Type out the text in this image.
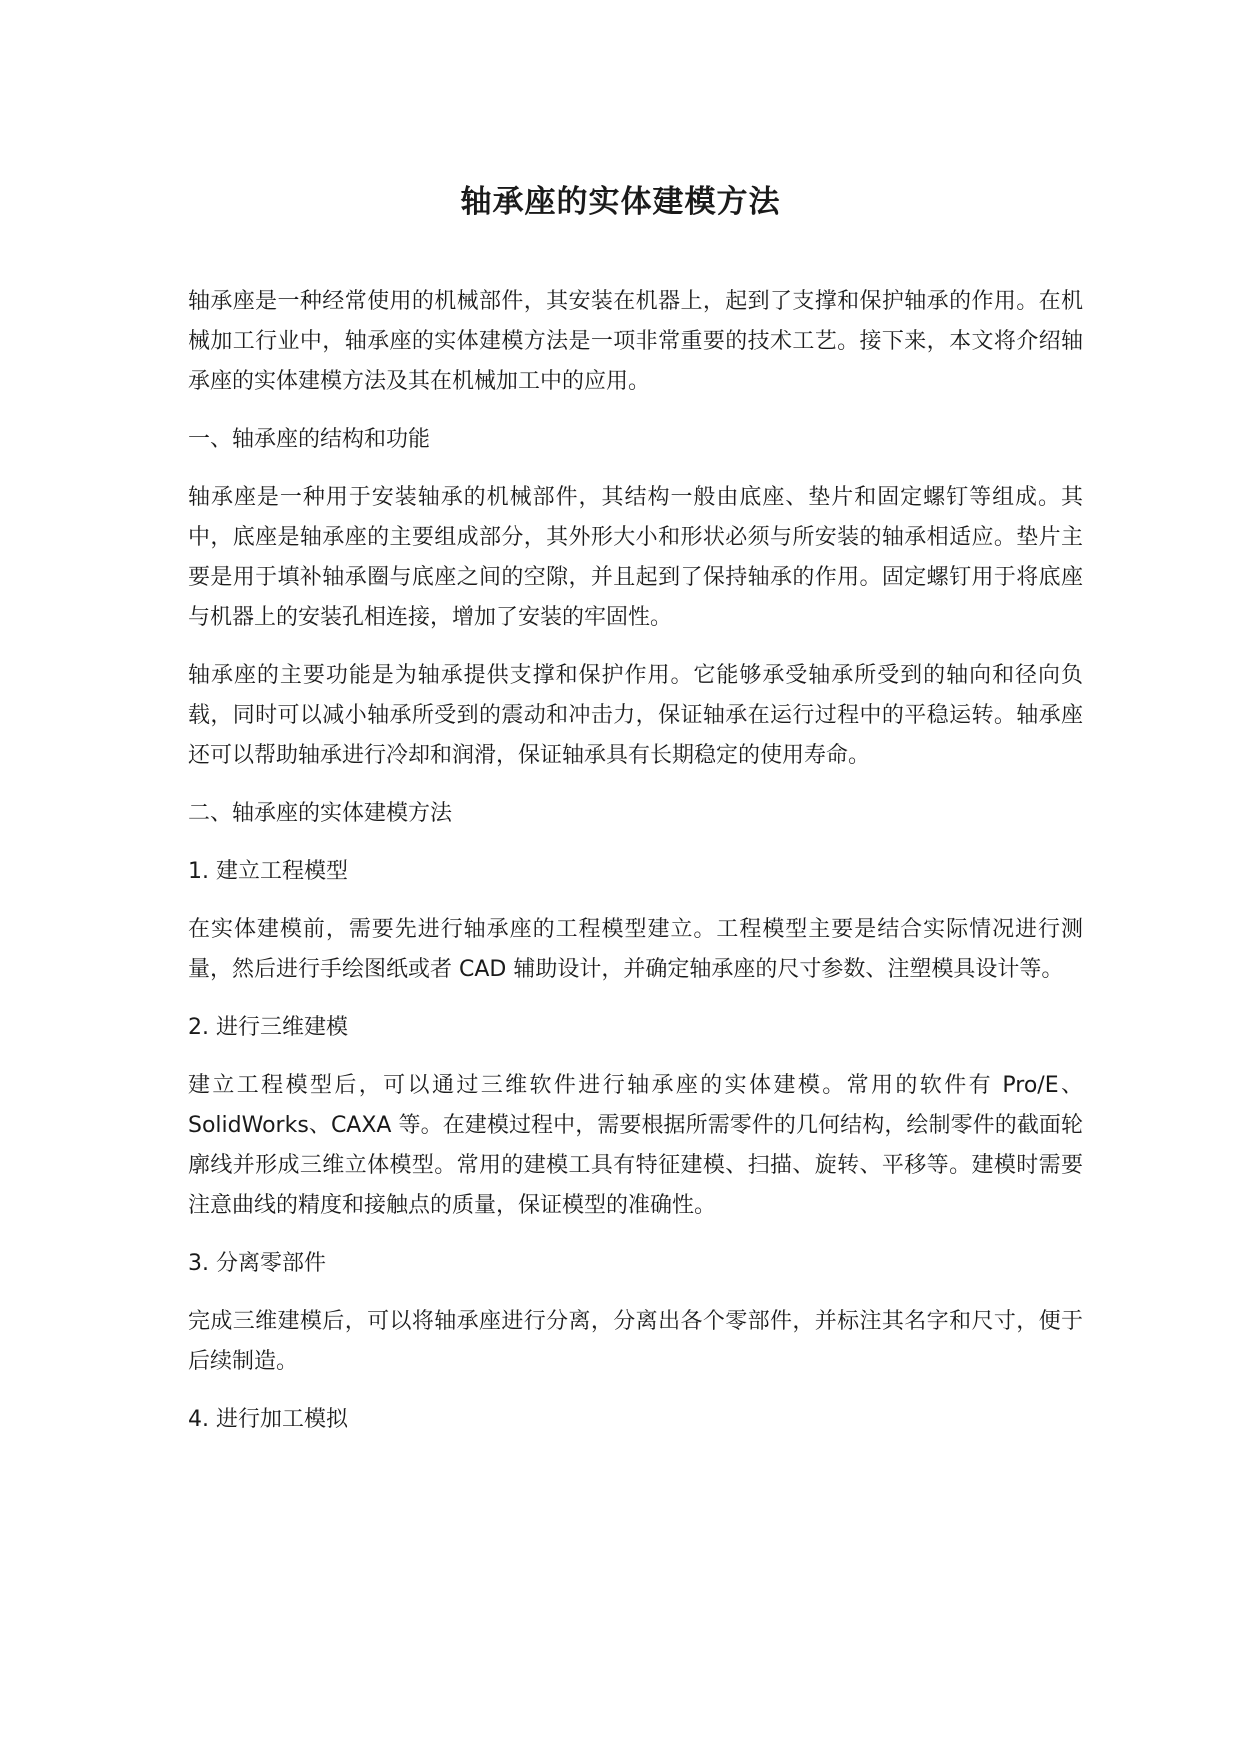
轴承座的实体建模方法

轴承座是一种经常使用的机械部件，其安装在机器上，起到了支撑和保护轴承的作用。在机械加工行业中，轴承座的实体建模方法是一项非常重要的技术工艺。接下来，本文将介绍轴承座的实体建模方法及其在机械加工中的应用。

一、轴承座的结构和功能

轴承座是一种用于安装轴承的机械部件，其结构一般由底座、垫片和固定螺钉等组成。其中，底座是轴承座的主要组成部分，其外形大小和形状必须与所安装的轴承相适应。垫片主要是用于填补轴承圈与底座之间的空隙，并且起到了保持轴承的作用。固定螺钉用于将底座与机器上的安装孔相连接，增加了安装的牢固性。

轴承座的主要功能是为轴承提供支撑和保护作用。它能够承受轴承所受到的轴向和径向负载，同时可以减小轴承所受到的震动和冲击力，保证轴承在运行过程中的平稳运转。轴承座还可以帮助轴承进行冷却和润滑，保证轴承具有长期稳定的使用寿命。

二、轴承座的实体建模方法

1. 建立工程模型

在实体建模前，需要先进行轴承座的工程模型建立。工程模型主要是结合实际情况进行测量，然后进行手绘图纸或者 CAD 辅助设计，并确定轴承座的尺寸参数、注塑模具设计等。

2. 进行三维建模

建立工程模型后，可以通过三维软件进行轴承座的实体建模。常用的软件有 Pro/E、SolidWorks、CAXA 等。在建模过程中，需要根据所需零件的几何结构，绘制零件的截面轮廓线并形成三维立体模型。常用的建模工具有特征建模、扫描、旋转、平移等。建模时需要注意曲线的精度和接触点的质量，保证模型的准确性。

3. 分离零部件

完成三维建模后，可以将轴承座进行分离，分离出各个零部件，并标注其名字和尺寸，便于后续制造。

4. 进行加工模拟
